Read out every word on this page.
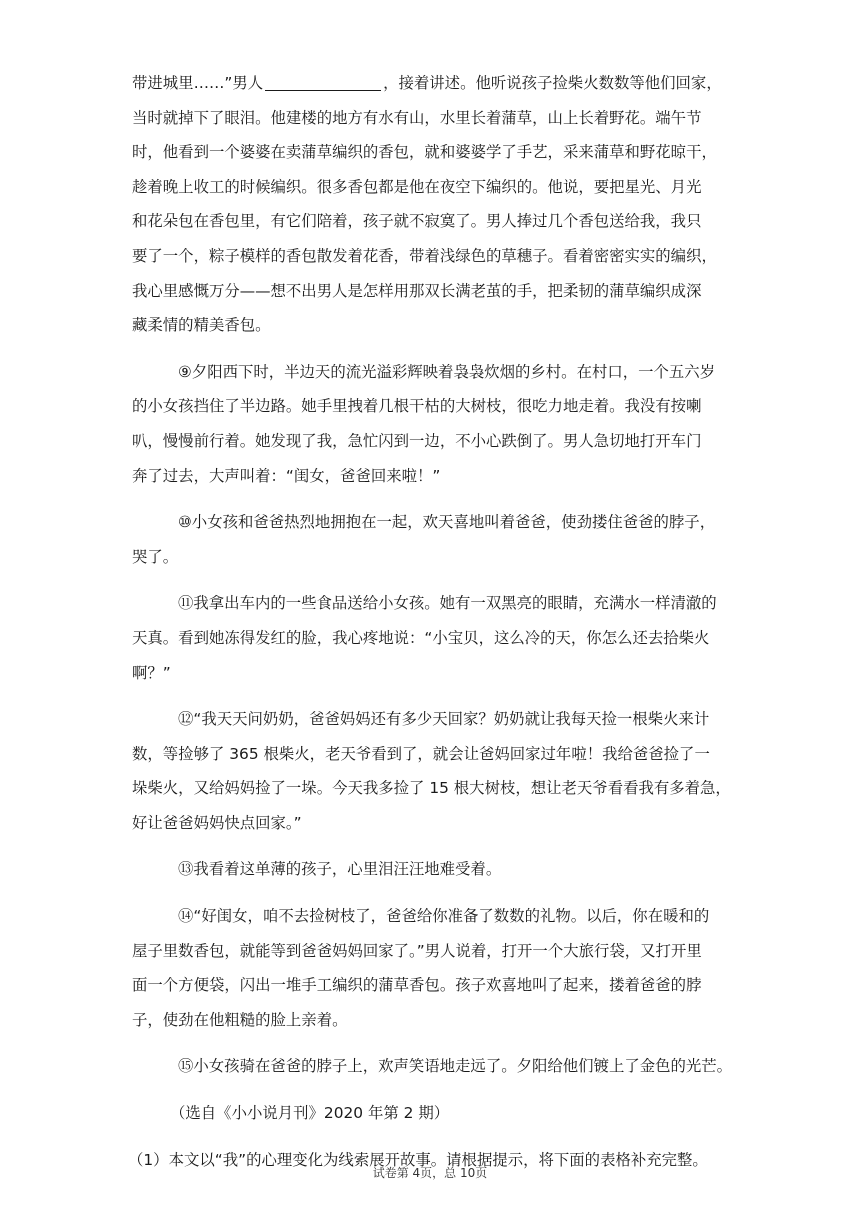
带进城里……”男人	，接着讲述。他听说孩子捡柴火数数等他们回家，
当时就掉下了眼泪。他建楼的地方有水有山，水里长着蒲草，山上长着野花。端午节
时，他看到一个婆婆在卖蒲草编织的香包，就和婆婆学了手艺，采来蒲草和野花晾干，
趁着晚上收工的时候编织。很多香包都是他在夜空下编织的。他说，要把星光、月光
和花朵包在香包里，有它们陪着，孩子就不寂寞了。男人捧过几个香包送给我，我只
要了一个，粽子模样的香包散发着花香，带着浅绿色的草穗子。看着密密实实的编织，
我心里感慨万分——想不出男人是怎样用那双长满老茧的手，把柔韧的蒲草编织成深
藏柔情的精美香包。
⑨夕阳西下时，半边天的流光溢彩辉映着袅袅炊烟的乡村。在村口，一个五六岁
的小女孩挡住了半边路。她手里拽着几根干枯的大树枝，很吃力地走着。我没有按喇
叭，慢慢前行着。她发现了我，急忙闪到一边，不小心跌倒了。男人急切地打开车门
奔了过去，大声叫着：“闺女，爸爸回来啦！”
⑩小女孩和爸爸热烈地拥抱在一起，欢天喜地叫着爸爸，使劲搂住爸爸的脖子，
哭了。
⑪我拿出车内的一些食品送给小女孩。她有一双黑亮的眼睛，充满水一样清澈的
天真。看到她冻得发红的脸，我心疼地说：“小宝贝，这么冷的天，你怎么还去拾柴火
啊？”
⑫“我天天问奶奶，爸爸妈妈还有多少天回家？奶奶就让我每天捡一根柴火来计
数，等捡够了 365 根柴火，老天爷看到了，就会让爸妈回家过年啦！我给爸爸捡了一
垛柴火，又给妈妈捡了一垛。今天我多捡了 15 根大树枝，想让老天爷看看我有多着急，
好让爸爸妈妈快点回家。”
⑬我看着这单薄的孩子，心里泪汪汪地难受着。
⑭“好闺女，咱不去捡树枝了，爸爸给你准备了数数的礼物。以后，你在暖和的
屋子里数香包，就能等到爸爸妈妈回家了。”男人说着，打开一个大旅行袋，又打开里
面一个方便袋，闪出一堆手工编织的蒲草香包。孩子欢喜地叫了起来，搂着爸爸的脖
子，使劲在他粗糙的脸上亲着。
⑮小女孩骑在爸爸的脖子上，欢声笑语地走远了。夕阳给他们镀上了金色的光芒。
（选自《小小说月刊》2020 年第 2 期）
（1）本文以“我”的心理变化为线索展开故事。请根据提示，将下面的表格补充完整。
试卷第 4页，总 10页
